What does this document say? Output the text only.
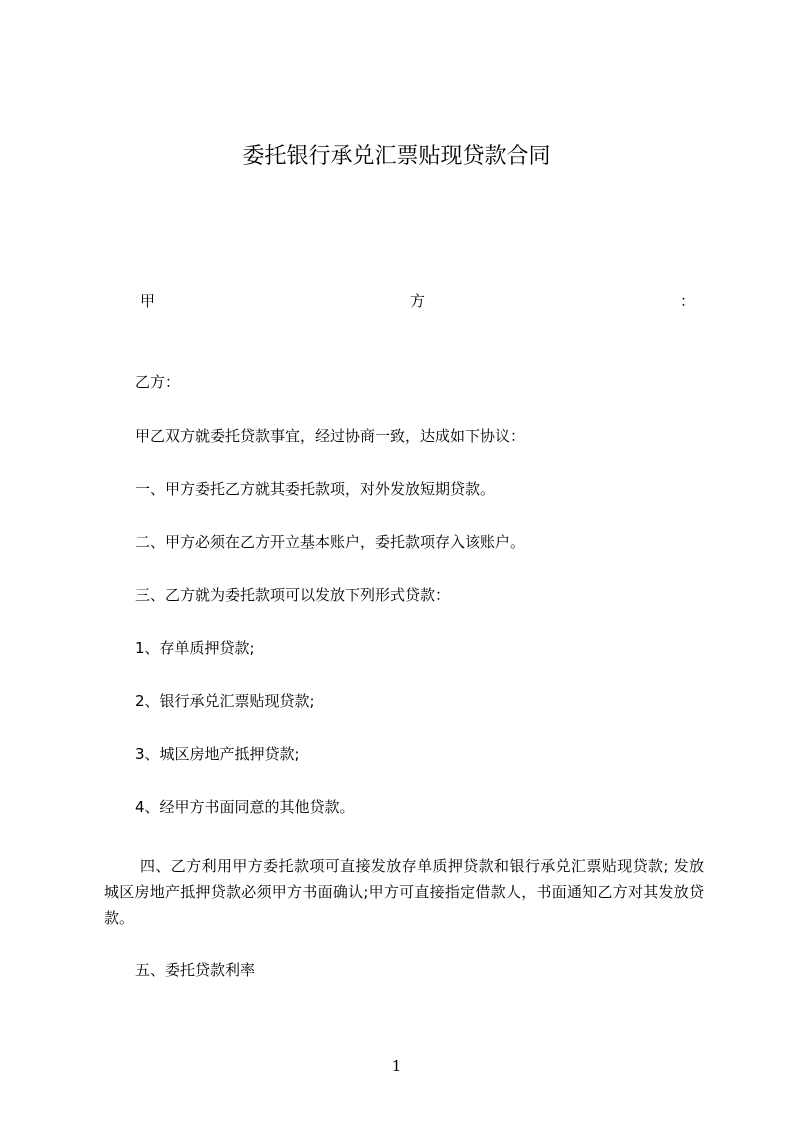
委托银行承兑汇票贴现贷款合同
甲	方	：
乙方：
甲乙双方就委托贷款事宜，经过协商一致，达成如下协议：
一、甲方委托乙方就其委托款项，对外发放短期贷款。
二、甲方必须在乙方开立基本账户，委托款项存入该账户。
三、乙方就为委托款项可以发放下列形式贷款：
1、存单质押贷款;
2、银行承兑汇票贴现贷款;
3、城区房地产抵押贷款;
4、经甲方书面同意的其他贷款。
四、乙方利用甲方委托款项可直接发放存单质押贷款和银行承兑汇票贴现贷款; 发放城区房地产抵押贷款必须甲方书面确认;甲方可直接指定借款人，书面通知乙方对其发放贷款。
五、委托贷款利率
1
